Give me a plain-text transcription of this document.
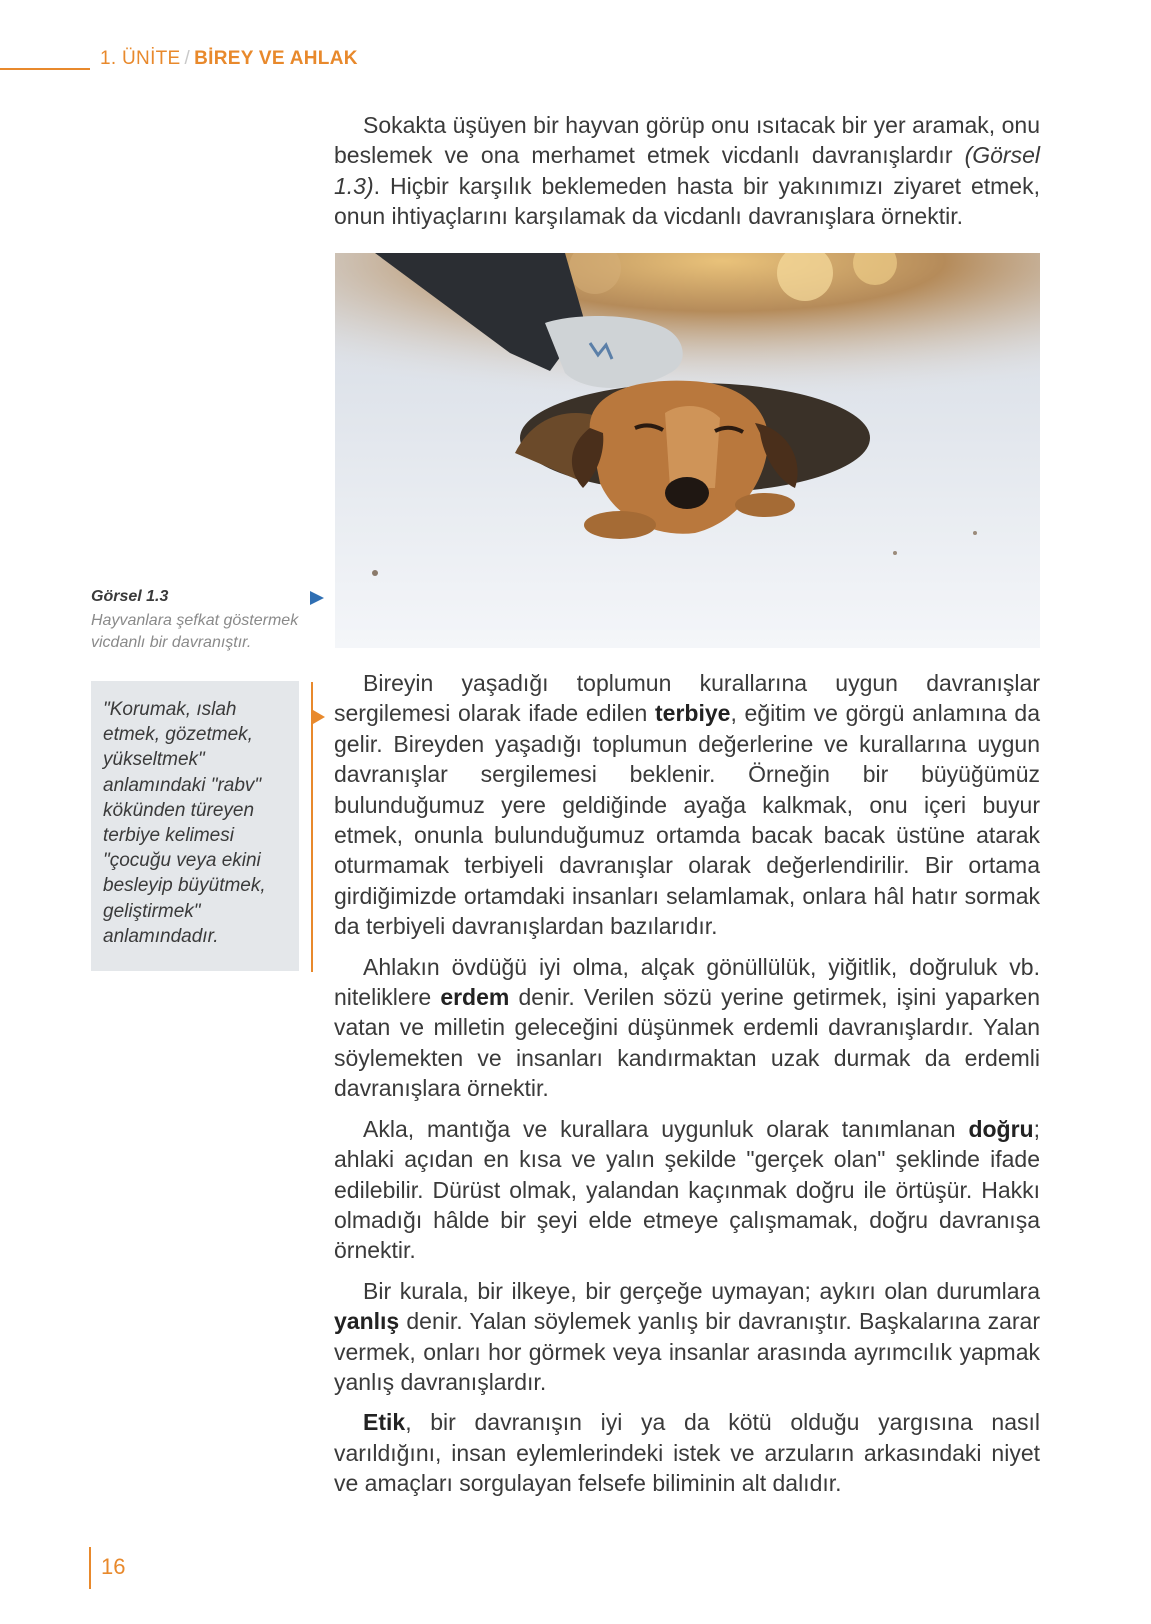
1. ÜNİTE / BİREY VE AHLAK

Sokakta üşüyen bir hayvan görüp onu ısıtacak bir yer aramak, onu beslemek ve ona merhamet etmek vicdanlı davranışlardır (Görsel 1.3). Hiçbir karşılık beklemeden hasta bir yakınımızı ziyaret etmek, onun ihtiyaçlarını karşılamak da vicdanlı davranışlara örnektir.

Görsel 1.3
Hayvanlara şefkat göstermek vicdanlı bir davranıştır.
"Korumak, ıslah etmek, gözetmek, yükseltmek" anlamındaki "rabv" kökünden türeyen terbiye kelimesi "çocuğu veya ekini besleyip büyütmek, geliştirmek" anlamındadır.

Bireyin yaşadığı toplumun kurallarına uygun davranışlar sergilemesi olarak ifade edilen terbiye, eğitim ve görgü anlamına da gelir. Bireyden yaşadığı toplumun değerlerine ve kurallarına uygun davranışlar sergilemesi beklenir. Örneğin bir büyüğümüz bulunduğumuz yere geldiğinde ayağa kalkmak, onu içeri buyur etmek, onunla bulunduğumuz ortamda bacak bacak üstüne atarak oturmamak terbiyeli davranışlar olarak değerlendirilir. Bir ortama girdiğimizde ortamdaki insanları selamlamak, onlara hâl hatır sormak da terbiyeli davranışlardan bazılarıdır.

Ahlakın övdüğü iyi olma, alçak gönüllülük, yiğitlik, doğruluk vb. niteliklere erdem denir. Verilen sözü yerine getirmek, işini yaparken vatan ve milletin geleceğini düşünmek erdemli davranışlardır. Yalan söylemekten ve insanları kandırmaktan uzak durmak da erdemli davranışlara örnektir.

Akla, mantığa ve kurallara uygunluk olarak tanımlanan doğru; ahlaki açıdan en kısa ve yalın şekilde "gerçek olan" şeklinde ifade edilebilir. Dürüst olmak, yalandan kaçınmak doğru ile örtüşür. Hakkı olmadığı hâlde bir şeyi elde etmeye çalışmamak, doğru davranışa örnektir.

Bir kurala, bir ilkeye, bir gerçeğe uymayan; aykırı olan durumlara yanlış denir. Yalan söylemek yanlış bir davranıştır. Başkalarına zarar vermek, onları hor görmek veya insanlar arasında ayrımcılık yapmak yanlış davranışlardır.

Etik, bir davranışın iyi ya da kötü olduğu yargısına nasıl varıldığını, insan eylemlerindeki istek ve arzuların arkasındaki niyet ve amaçları sorgulayan felsefe biliminin alt dalıdır.

16
